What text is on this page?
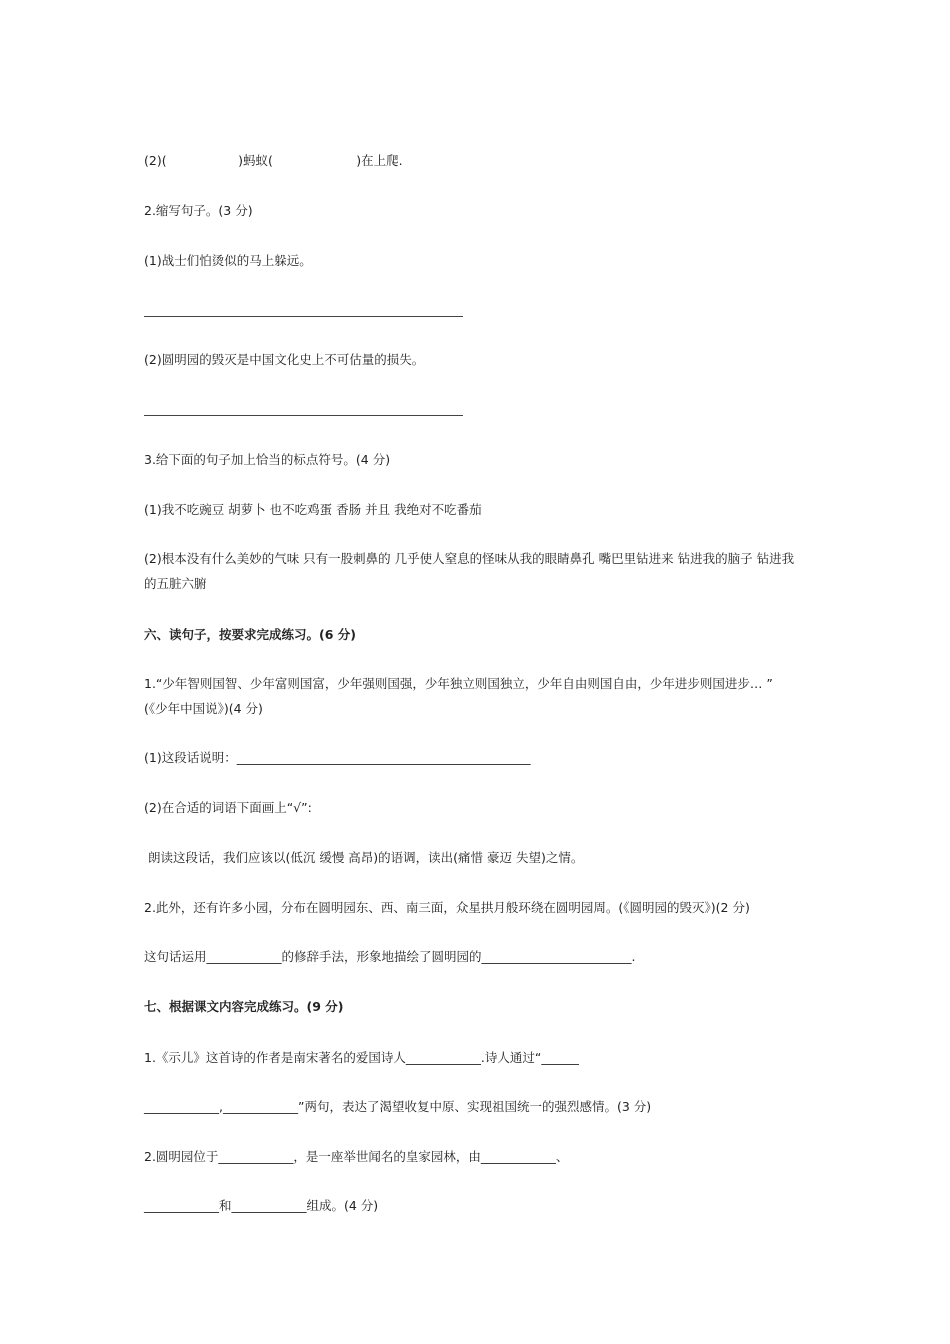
(2)(                  )蚂蚁(                     )在上爬.
2.缩写句子。(3 分)
(1)战士们怕烫似的马上躲远。
(2)圆明园的毁灭是中国文化史上不可估量的损失。
3.给下面的句子加上恰当的标点符号。(4 分)
(1)我不吃豌豆 胡萝卜 也不吃鸡蛋 香肠 并且 我绝对不吃番茄
(2)根本没有什么美妙的气味 只有一股刺鼻的 几乎使人窒息的怪味从我的眼睛鼻孔 嘴巴里钻进来 钻进我的脑子 钻进我
的五脏六腑
六、读句子，按要求完成练习。(6 分)
1.“少年智则国智、少年富则国富，少年强则国强，少年独立则国独立，少年自由则国自由，少年进步则国进步… ”
(《少年中国说》)(4 分)
(1)这段话说明：_______________________________________________
(2)在合适的词语下面画上“√”:
朗读这段话，我们应该以(低沉 缓慢 高昂)的语调，读出(痛惜 豪迈 失望)之情。
2.此外，还有许多小园，分布在圆明园东、西、南三面，众星拱月般环绕在圆明园周。(《圆明园的毁灭》)(2 分)
这句话运用____________的修辞手法，形象地描绘了圆明园的________________________.
七、根据课文内容完成练习。(9 分)
1.《示儿》这首诗的作者是南宋著名的爱国诗人____________.诗人通过“______
____________,____________”两句，表达了渴望收复中原、实现祖国统一的强烈感情。(3 分)
2.圆明园位于____________，是一座举世闻名的皇家园林，由____________、
____________和____________组成。(4 分)
